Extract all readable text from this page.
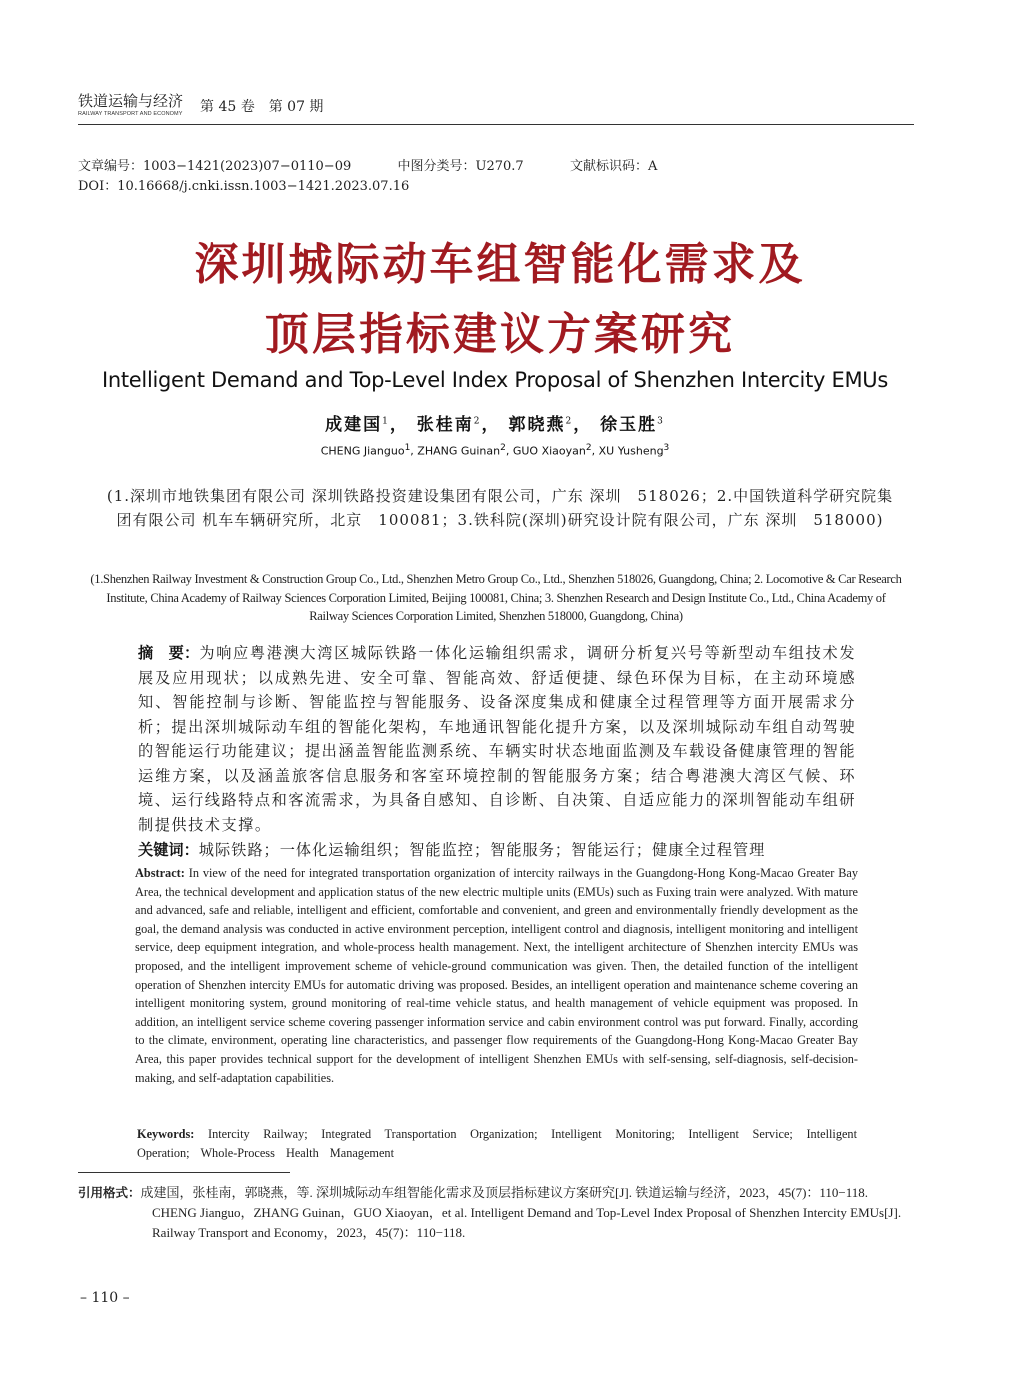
铁道运输与经济
RAILWAY TRANSPORT AND ECONOMY 第 45 卷　第 07 期
文章编号：1003−1421(2023)07−0110−09	中图分类号：U270.7	文献标识码：A
DOI：10.16668/j.cnki.issn.1003−1421.2023.07.16
深圳城际动车组智能化需求及
顶层指标建议方案研究
Intelligent Demand and Top-Level Index Proposal of Shenzhen Intercity EMUs
成建国$^1$， 张桂南$^2$， 郭晓燕$^2$， 徐玉胜$^3$
CHENG Jianguo$^1$, ZHANG Guinan$^2$, GUO Xiaoyan$^2$, XU Yusheng$^3$
(1.深圳市地铁集团有限公司 深圳铁路投资建设集团有限公司，广东 深圳　518026；2.中国铁道科学研究院集团有限公司 机车车辆研究所，北京　100081；3.铁科院(深圳)研究设计院有限公司，广东 深圳　518000)
(1.Shenzhen Railway Investment & Construction Group Co., Ltd., Shenzhen Metro Group Co., Ltd., Shenzhen 518026, Guangdong, China; 2. Locomotive & Car Research Institute, China Academy of Railway Sciences Corporation Limited, Beijing 100081, China; 3. Shenzhen Research and Design Institute Co., Ltd., China Academy of Railway Sciences Corporation Limited, Shenzhen 518000, Guangdong, China)
摘　要：为响应粤港澳大湾区城际铁路一体化运输组织需求，调研分析复兴号等新型动车组技术发展及应用现状；以成熟先进、安全可靠、智能高效、舒适便捷、绿色环保为目标，在主动环境感知、智能控制与诊断、智能监控与智能服务、设备深度集成和健康全过程管理等方面开展需求分析；提出深圳城际动车组的智能化架构，车地通讯智能化提升方案，以及深圳城际动车组自动驾驶的智能运行功能建议；提出涵盖智能监测系统、车辆实时状态地面监测及车载设备健康管理的智能运维方案，以及涵盖旅客信息服务和客室环境控制的智能服务方案；结合粤港澳大湾区气候、环境、运行线路特点和客流需求，为具备自感知、自诊断、自决策、自适应能力的深圳智能动车组研制提供技术支撑。
关键词：城际铁路；一体化运输组织；智能监控；智能服务；智能运行；健康全过程管理
Abstract: In view of the need for integrated transportation organization of intercity railways in the Guangdong-Hong Kong-Macao Greater Bay Area, the technical development and application status of the new electric multiple units (EMUs) such as Fuxing train were analyzed. With mature and advanced, safe and reliable, intelligent and efficient, comfortable and convenient, and green and environmentally friendly development as the goal, the demand analysis was conducted in active environment perception, intelligent control and diagnosis, intelligent monitoring and intelligent service, deep equipment integration, and whole-process health management. Next, the intelligent architecture of Shenzhen intercity EMUs was proposed, and the intelligent improvement scheme of vehicle-ground communication was given. Then, the detailed function of the intelligent operation of Shenzhen intercity EMUs for automatic driving was proposed. Besides, an intelligent operation and maintenance scheme covering an intelligent monitoring system, ground monitoring of real-time vehicle status, and health management of vehicle equipment was proposed. In addition, an intelligent service scheme covering passenger information service and cabin environment control was put forward. Finally, according to the climate, environment, operating line characteristics, and passenger flow requirements of the Guangdong-Hong Kong-Macao Greater Bay Area, this paper provides technical support for the development of intelligent Shenzhen EMUs with self-sensing, self-diagnosis, self-decision-making, and self-adaptation capabilities.
Keywords: Intercity Railway; Integrated Transportation Organization; Intelligent Monitoring; Intelligent Service; Intelligent Operation; Whole-Process Health Management
引用格式：成建国，张桂南，郭晓燕，等. 深圳城际动车组智能化需求及顶层指标建议方案研究[J]. 铁道运输与经济，2023，45(7)：110−118.
CHENG Jianguo，ZHANG Guinan，GUO Xiaoyan，et al. Intelligent Demand and Top-Level Index Proposal of Shenzhen Intercity EMUs[J]. Railway Transport and Economy，2023，45(7)：110−118.
– 110 –
